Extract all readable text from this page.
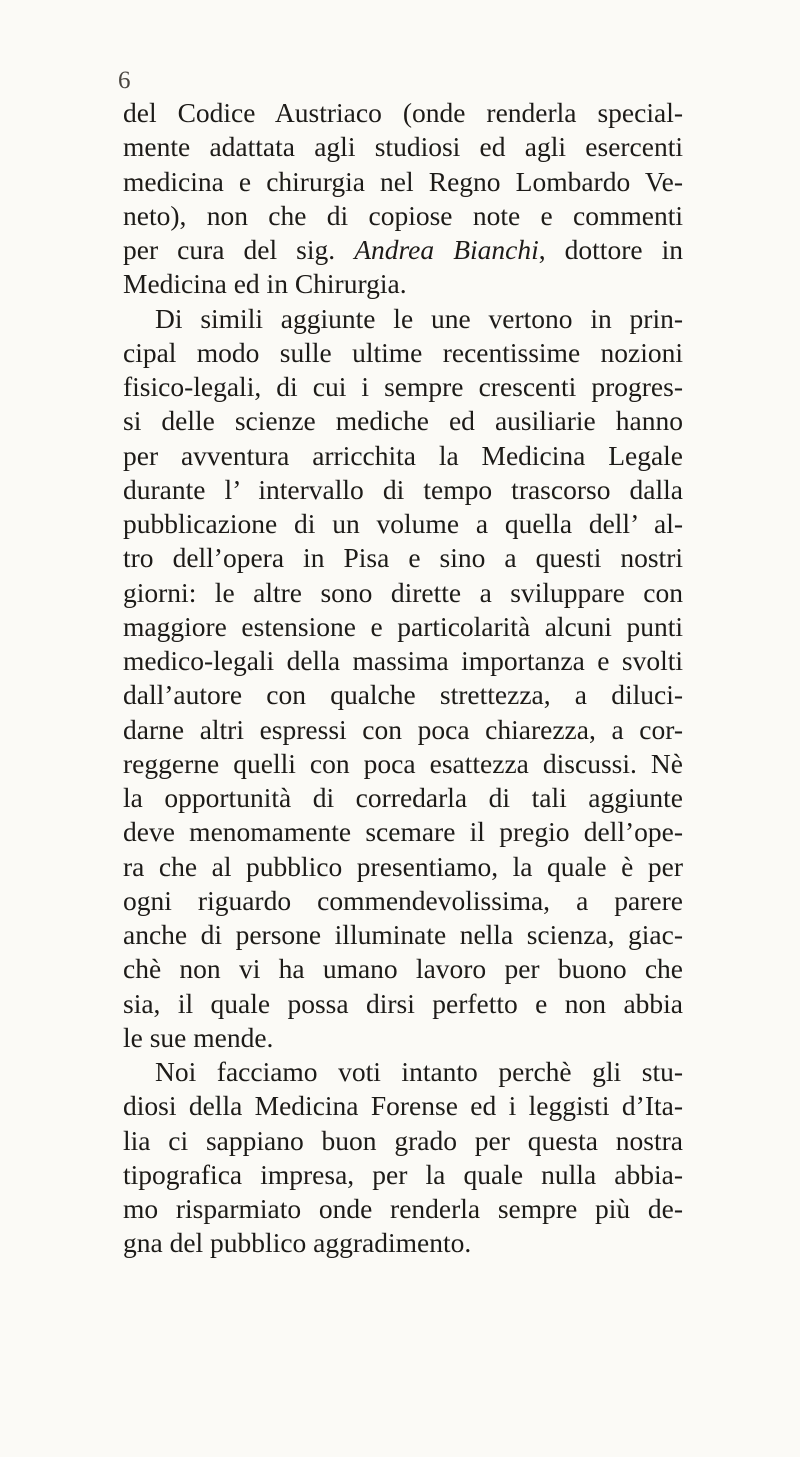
6
del Codice Austriaco (onde renderla special-
mente adattata agli studiosi ed agli esercenti
medicina e chirurgia nel Regno Lombardo Ve-
neto), non che di copiose note e commenti
per cura del sig. Andrea Bianchi, dottore in
Medicina ed in Chirurgia.
Di simili aggiunte le une vertono in prin-
cipal modo sulle ultime recentissime nozioni
fisico-legali, di cui i sempre crescenti progres-
si delle scienze mediche ed ausiliarie hanno
per avventura arricchita la Medicina Legale
durante l’ intervallo di tempo trascorso dalla
pubblicazione di un volume a quella dell’ al-
tro dell’opera in Pisa e sino a questi nostri
giorni: le altre sono dirette a sviluppare con
maggiore estensione e particolarità alcuni punti
medico-legali della massima importanza e svolti
dall’autore con qualche strettezza, a diluci-
darne altri espressi con poca chiarezza, a cor-
reggerne quelli con poca esattezza discussi. Nè
la opportunità di corredarla di tali aggiunte
deve menomamente scemare il pregio dell’ope-
ra che al pubblico presentiamo, la quale è per
ogni riguardo commendevolissima, a parere
anche di persone illuminate nella scienza, giac-
chè non vi ha umano lavoro per buono che
sia, il quale possa dirsi perfetto e non abbia
le sue mende.
Noi facciamo voti intanto perchè gli stu-
diosi della Medicina Forense ed i leggisti d’Ita-
lia ci sappiano buon grado per questa nostra
tipografica impresa, per la quale nulla abbia-
mo risparmiato onde renderla sempre più de-
gna del pubblico aggradimento.
